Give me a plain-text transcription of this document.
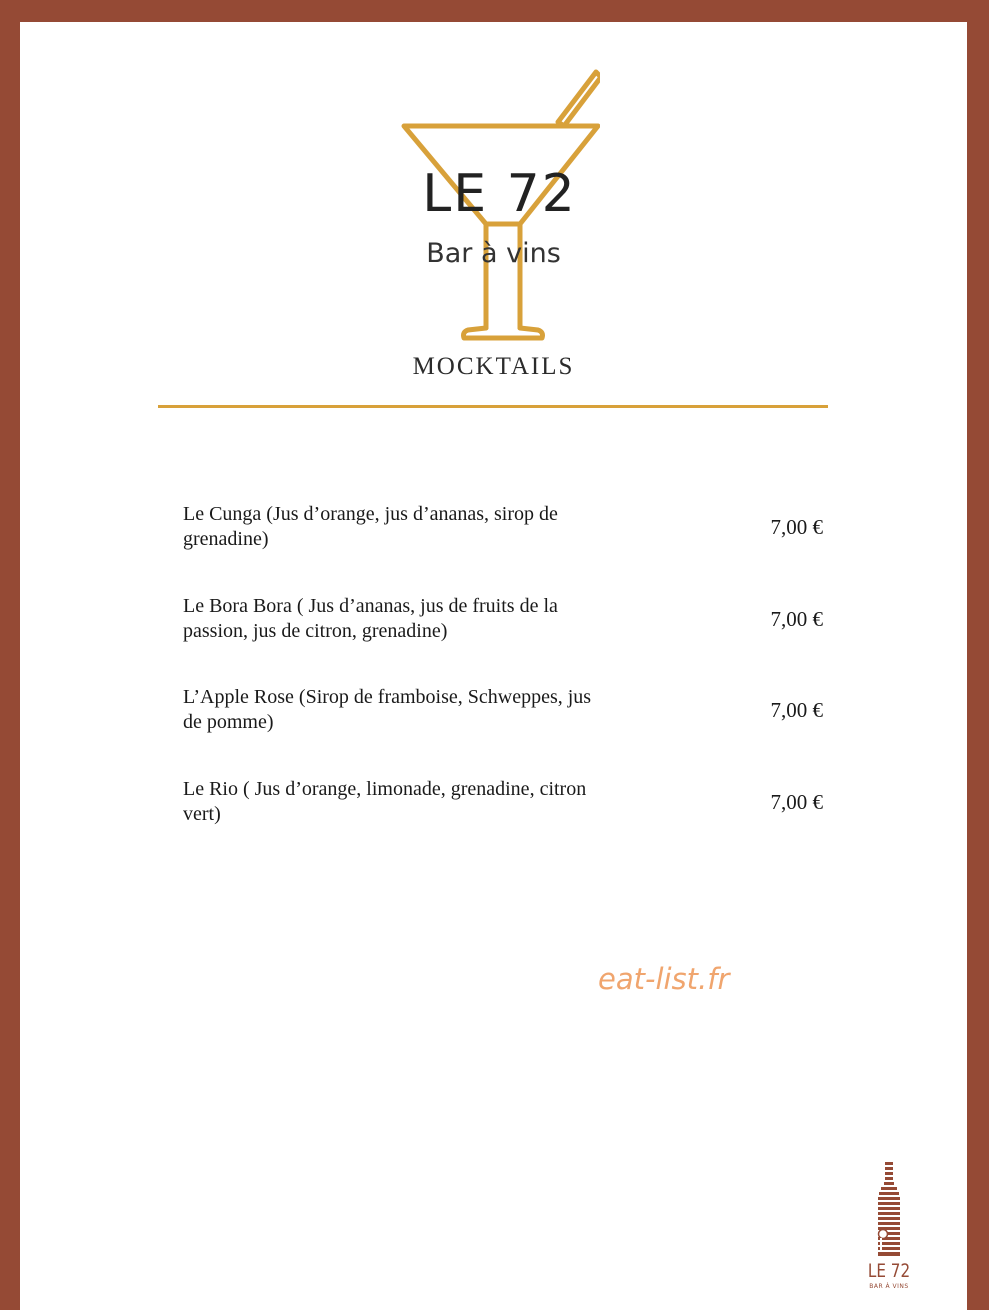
LE 72
Bar à vins
MOCKTAILS
Le Cunga (Jus d’orange, jus d’ananas, sirop de
grenadine)	7,00 €
Le Bora Bora ( Jus d’ananas, jus de fruits de la
passion, jus de citron, grenadine)	7,00 €
L’Apple Rose (Sirop de framboise, Schweppes, jus
de pomme)	7,00 €
Le Rio ( Jus d’orange, limonade, grenadine, citron
vert)	7,00 €
eat-list.fr
LE 72
BAR À VINS
